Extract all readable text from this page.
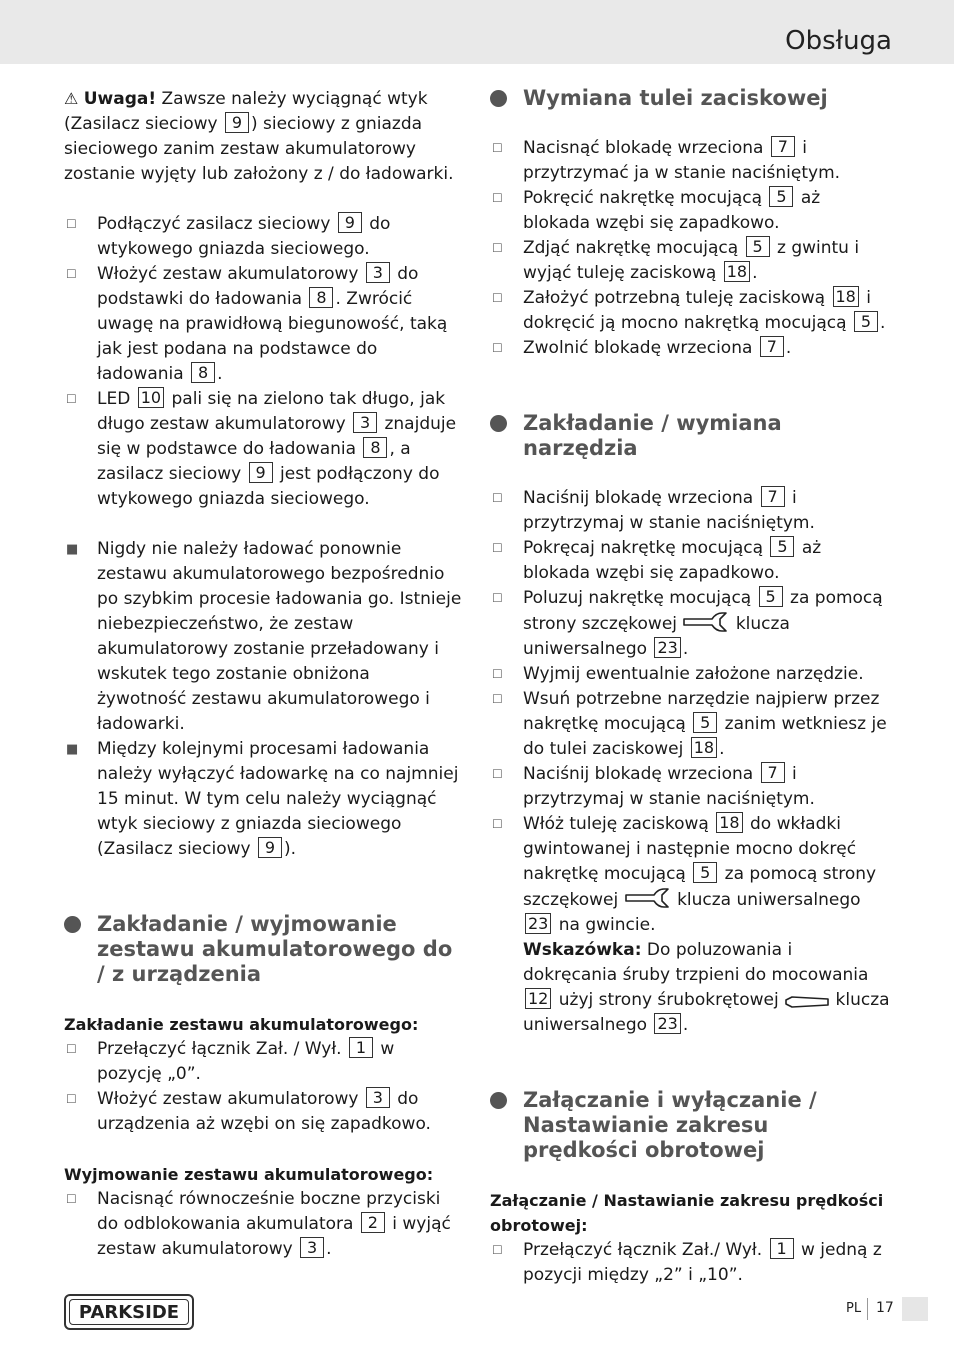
Obsługa

⚠ Uwaga! Zawsze należy wyciągnąć wtyk (Zasilacz sieciowy 9 ) sieciowy z gniazda sieciowego zanim zestaw akumulatorowy zostanie wyjęty lub założony z / do ładowarki.

☐ Podłączyć zasilacz sieciowy 9 do wtykowego gniazda sieciowego.
☐ Włożyć zestaw akumulatorowy 3 do podstawki do ładowania 8 . Zwrócić uwagę na prawidłową biegunowość, taką jak jest podana na podstawce do ładowania 8 .
☐ LED 10 pali się na zielono tak długo, jak długo zestaw akumulatorowy 3 znajduje się w podstawce do ładowania 8 , a zasilacz sieciowy 9 jest podłączony do wtykowego gniazda sieciowego.
■ Nigdy nie należy ładować ponownie zestawu akumulatorowego bezpośrednio po szybkim procesie ładowania go. Istnieje niebezpieczeństwo, że zestaw akumulatorowy zostanie przeładowany i wskutek tego zostanie obniżona żywotność zestawu akumulatorowego i ładowarki.
■ Między kolejnymi procesami ładowania należy wyłączyć ładowarkę na co najmniej 15 minut. W tym celu należy wyciągnąć wtyk sieciowy z gniazda sieciowego (Zasilacz sieciowy 9 ).
Zakładanie / wyjmowanie zestawu akumulatorowego do / z urządzenia
Zakładanie zestawu akumulatorowego:
☐ Przełączyć łącznik Zał. / Wył. 1 w pozycję „0”.
☐ Włożyć zestaw akumulatorowy 3 do urządzenia aż wzębi on się zapadkowo.
Wyjmowanie zestawu akumulatorowego:
☐ Nacisnąć równocześnie boczne przyciski do odblokowania akumulatora 2 i wyjąć zestaw akumulatorowy 3 .
Wymiana tulei zaciskowej
☐ Nacisnąć blokadę wrzeciona 7 i przytrzymać ja w stanie naciśniętym.
☐ Pokręcić nakrętkę mocującą 5 aż blokada wzębi się zapadkowo.
☐ Zdjąć nakrętkę mocującą 5 z gwintu i wyjąć tuleję zaciskową 18 .
☐ Założyć potrzebną tuleję zaciskową 18 i dokręcić ją mocno nakrętką mocującą 5 .
☐ Zwolnić blokadę wrzeciona 7 .
Zakładanie / wymiana narzędzia
☐ Naciśnij blokadę wrzeciona 7 i przytrzymaj w stanie naciśniętym.
☐ Pokręcaj nakrętkę mocującą 5 aż blokada wzębi się zapadkowo.
☐ Poluzuj nakrętkę mocującą 5 za pomocą strony szczękowej	klucza uniwersalnego 23 .
☐ Wyjmij ewentualnie założone narzędzie.
☐ Wsuń potrzebne narzędzie najpierw przez nakrętkę mocującą 5 zanim wetkniesz je do tulei zaciskowej 18 .
☐ Naciśnij blokadę wrzeciona 7 i przytrzymaj w stanie naciśniętym.
☐ Włóż tuleję zaciskową 18 do wkładki gwintowanej i następnie mocno dokręć nakrętkę mocującą 5 za pomocą strony szczękowej	klucza uniwersalnego 23 na gwincie.
Wskazówka: Do poluzowania i dokręcania śruby trzpieni do mocowania 12 użyj strony śrubokrętowej	klucza uniwersalnego 23 .
Załączanie i wyłączanie / Nastawianie zakresu prędkości obrotowej
Załączanie / Nastawianie zakresu prędkości obrotowej:
☐ Przełączyć łącznik Zał./ Wył. 1 w jedną z pozycji między „2” i „10”.
PARKSIDE	PL 17
